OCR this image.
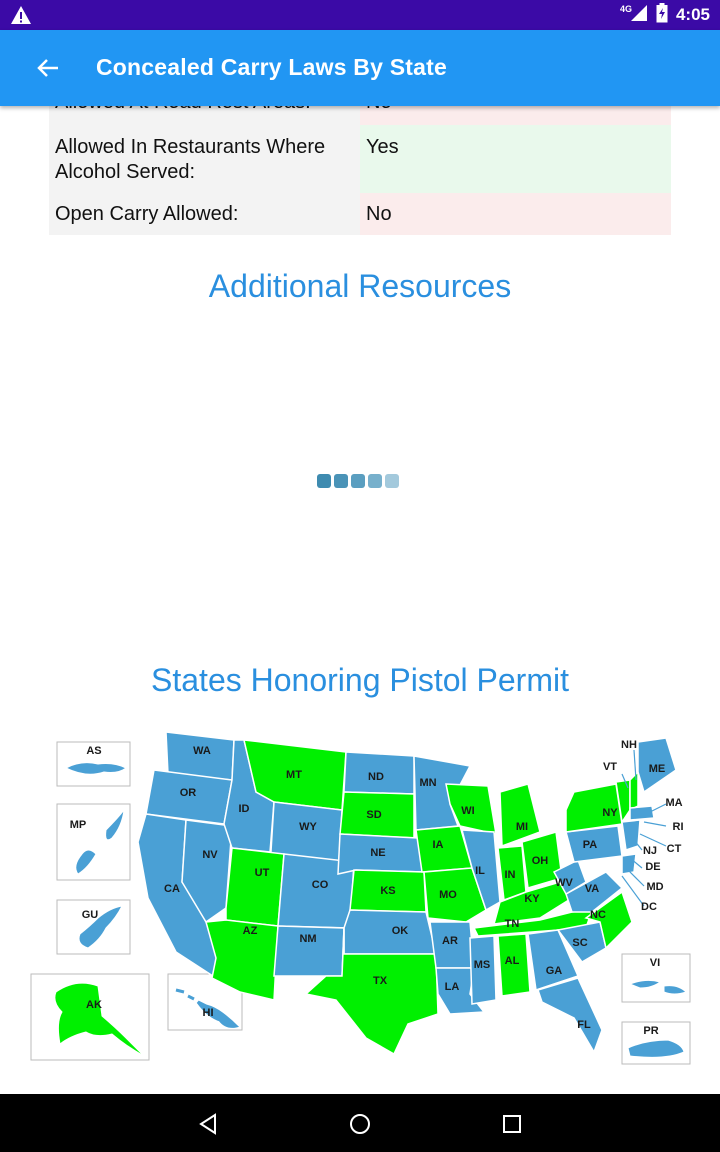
4G	4:05
Concealed Carry Laws By State
Allowed In Restaurants Where Alcohol Served:
Yes
Open Carry Allowed:	No
Additional Resources
States Honoring Pistol Permit
AS
MP
GU
AK
HI
WA
OR
CA
NV
ID
MT
WY
UT
CO
AZ
NM
ND
SD
NE
KS
OK
TX
MN
IA
MO
AR
LA
WI
IL
MI
IN
OH
KY
TN
MS AL
GA
FL
SC
NC
VA
WV
PA
NY
VT
NH
ME
MA
RI
CT
NJ
DE
MD
DC
VI
PR
